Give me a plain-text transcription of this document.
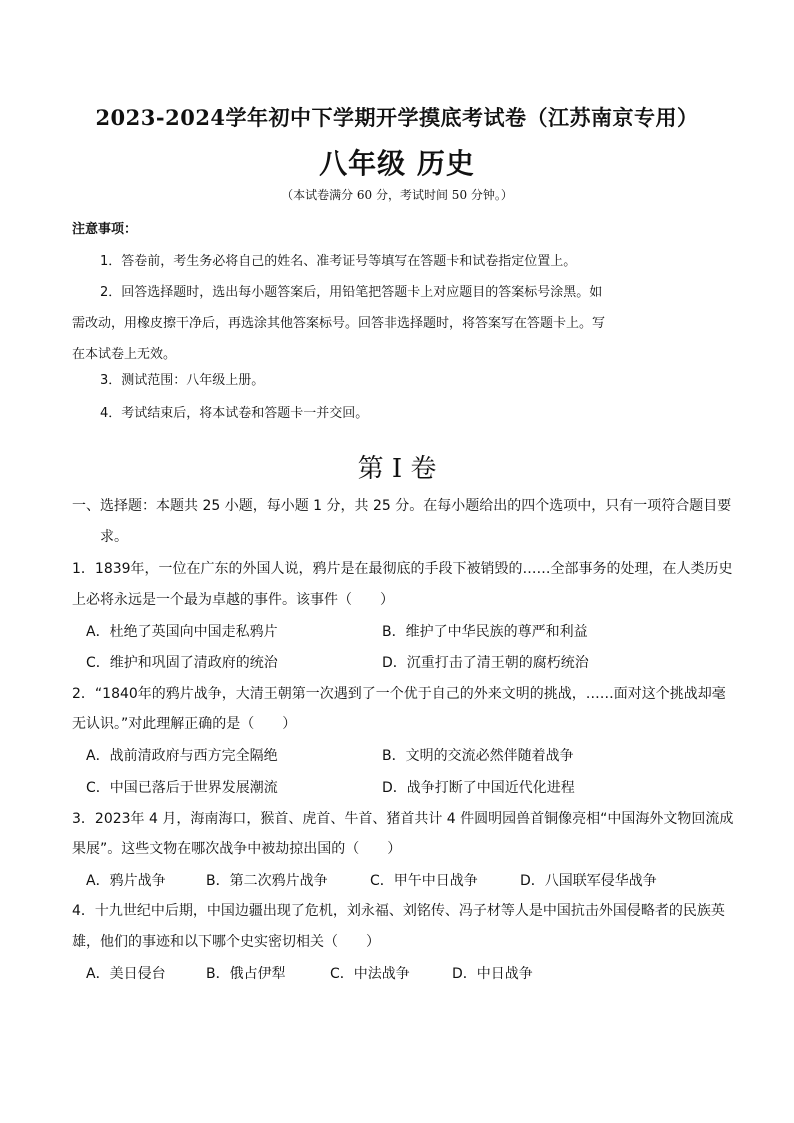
2023-2024学年初中下学期开学摸底考试卷（江苏南京专用）
八年级 历史
（本试卷满分 60 分，考试时间 50 分钟。）
注意事项：
1．答卷前，考生务必将自己的姓名、准考证号等填写在答题卡和试卷指定位置上。
2．回答选择题时，选出每小题答案后，用铅笔把答题卡上对应题目的答案标号涂黑。如
需改动，用橡皮擦干净后，再选涂其他答案标号。回答非选择题时，将答案写在答题卡上。写
在本试卷上无效。
3．测试范围：八年级上册。
4．考试结束后，将本试卷和答题卡一并交回。
第 I 卷
一、选择题：本题共 25 小题，每小题 1 分，共 25 分。在每小题给出的四个选项中，只有一项符合题目要
求。
1．1839年，一位在广东的外国人说，鸦片是在最彻底的手段下被销毁的……全部事务的处理，在人类历史
上必将永远是一个最为卓越的事件。该事件（　　）
A．杜绝了英国向中国走私鸦片	B．维护了中华民族的尊严和利益
C．维护和巩固了清政府的统治	D．沉重打击了清王朝的腐朽统治
2．“1840年的鸦片战争，大清王朝第一次遇到了一个优于自己的外来文明的挑战，……面对这个挑战却毫
无认识。”对此理解正确的是（　　）
A．战前清政府与西方完全隔绝	B．文明的交流必然伴随着战争
C．中国已落后于世界发展潮流	D．战争打断了中国近代化进程
3．2023年 4 月，海南海口，猴首、虎首、牛首、猪首共计 4 件圆明园兽首铜像亮相“中国海外文物回流成
果展”。这些文物在哪次战争中被劫掠出国的（　　）
A．鸦片战争	B．第二次鸦片战争	C．甲午中日战争	D．八国联军侵华战争
4．十九世纪中后期，中国边疆出现了危机，刘永福、刘铭传、冯子材等人是中国抗击外国侵略者的民族英
雄，他们的事迹和以下哪个史实密切相关（　　）
A．美日侵台	B．俄占伊犁	C．中法战争	D．中日战争
